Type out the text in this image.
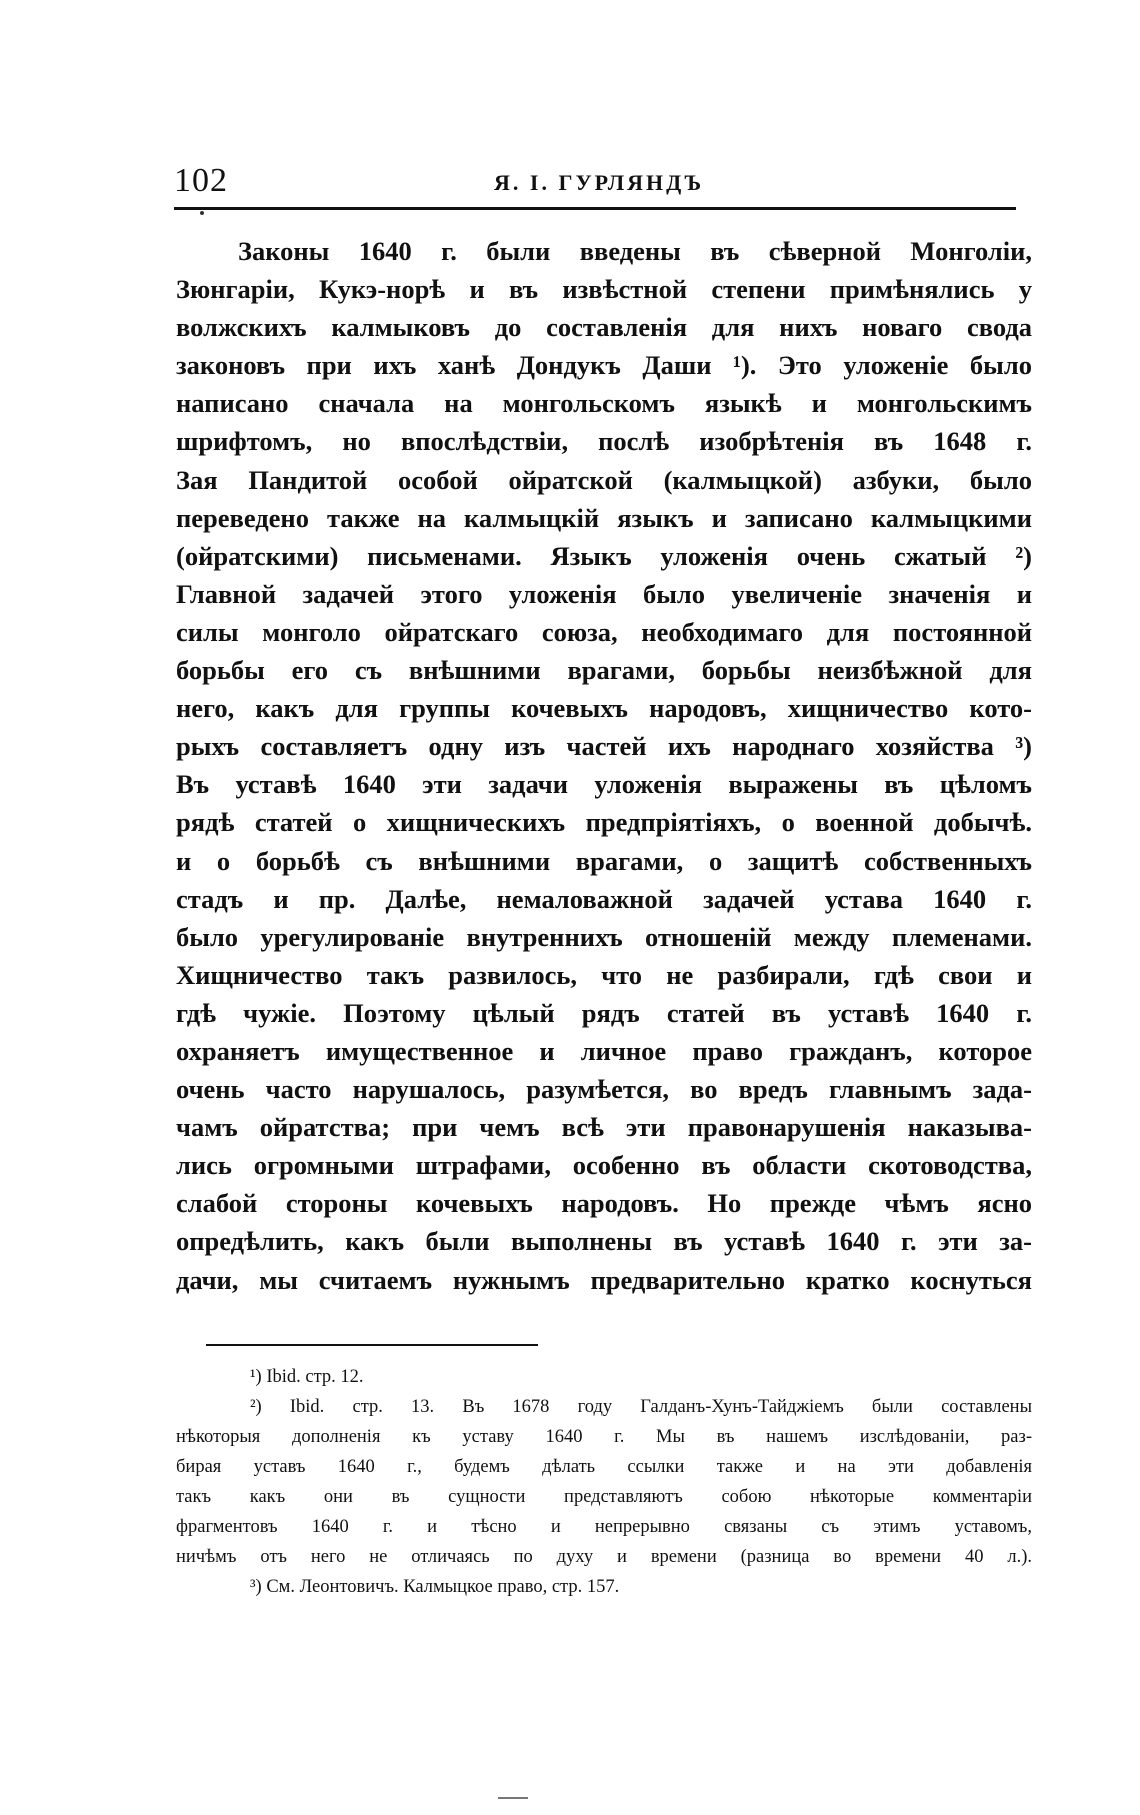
102	Я. І. ГУРЛЯНДЪ
Законы 1640 г. были введены въ сѣверной Монголіи,
Зюнгаріи, Кукэ-норѣ и въ извѣстной степени примѣнялись у
волжскихъ калмыковъ до составленія для нихъ новаго свода
законовъ при ихъ ханѣ Дондукъ Даши ¹). Это уложеніе было
написано сначала на монгольскомъ языкѣ и монгольскимъ
шрифтомъ, но впослѣдствіи, послѣ изобрѣтенія въ 1648 г.
Зая Пандитой особой ойратской (калмыцкой) азбуки, было
переведено также на калмыцкій языкъ и записано калмыцкими
(ойратскими) письменами. Языкъ уложенія очень сжатый ²)
Главной задачей этого уложенія было увеличеніе значенія и
силы монголо ойратскаго союза, необходимаго для постоянной
борьбы его съ внѣшними врагами, борьбы неизбѣжной для
него, какъ для группы кочевыхъ народовъ, хищничество кото-
рыхъ составляетъ одну изъ частей ихъ народнаго хозяйства ³)
Въ уставѣ 1640 эти задачи уложенія выражены въ цѣломъ
рядѣ статей о хищническихъ предпріятіяхъ, о военной добычѣ.
и о борьбѣ съ внѣшними врагами, о защитѣ собственныхъ
стадъ и пр. Далѣе, немаловажной задачей устава 1640 г.
было урегулированіе внутреннихъ отношеній между племенами.
Хищничество такъ развилось, что не разбирали, гдѣ свои и
гдѣ чужіе. Поэтому цѣлый рядъ статей въ уставѣ 1640 г.
охраняетъ имущественное и личное право гражданъ, которое
очень часто нарушалось, разумѣется, во вредъ главнымъ зада-
чамъ ойратства; при чемъ всѣ эти правонарушенія наказыва-
лись огромными штрафами, особенно въ области скотоводства,
слабой стороны кочевыхъ народовъ. Но прежде чѣмъ ясно
опредѣлить, какъ были выполнены въ уставѣ 1640 г. эти за-
дачи, мы считаемъ нужнымъ предварительно кратко коснуться
¹) Ibid. стр. 12.
²) Ibid. стр. 13. Въ 1678 году Галданъ-Хунъ-Тайджіемъ были составлены
нѣкоторыя дополненія къ уставу 1640 г. Мы въ нашемъ изслѣдованіи, раз-
бирая уставъ 1640 г., будемъ дѣлать ссылки также и на эти добавленія
такъ какъ они въ сущности представляютъ собою нѣкоторые комментаріи
фрагментовъ 1640 г. и тѣсно и непрерывно связаны съ этимъ уставомъ,
ничѣмъ отъ него не отличаясь по духу и времени (разница во времени 40 л.).
³) См. Леонтовичъ. Калмыцкое право, стр. 157.
